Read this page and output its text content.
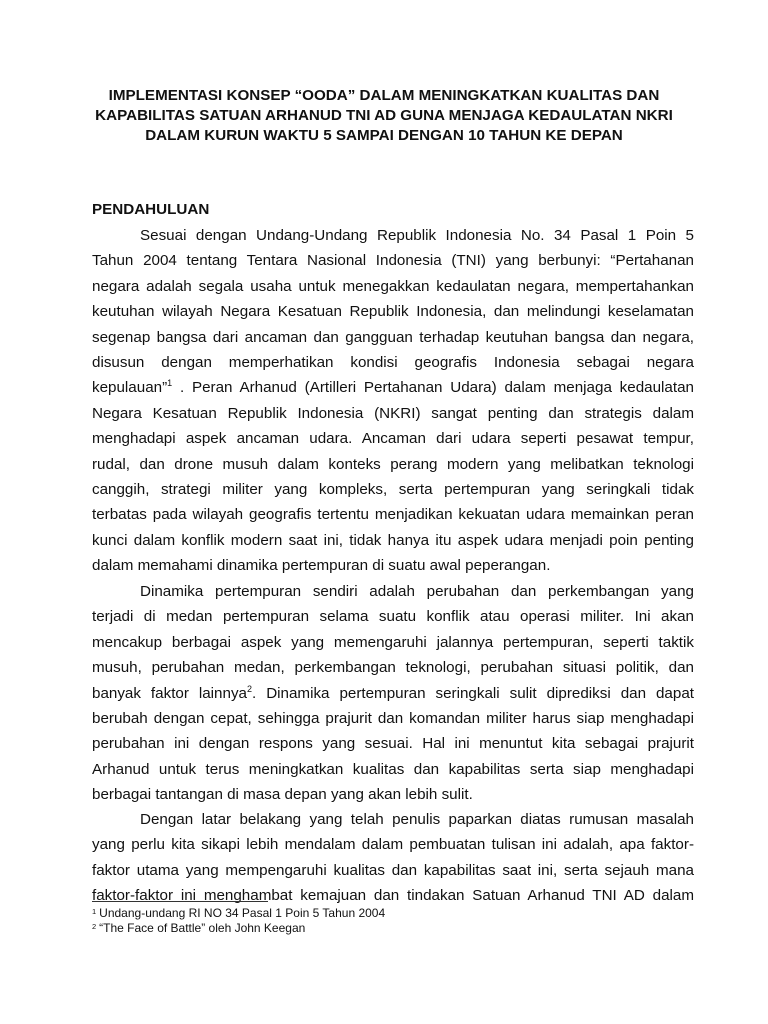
IMPLEMENTASI KONSEP “OODA” DALAM MENINGKATKAN KUALITAS DAN
KAPABILITAS SATUAN ARHANUD TNI AD GUNA MENJAGA KEDAULATAN NKRI
DALAM KURUN WAKTU 5 SAMPAI DENGAN 10 TAHUN KE DEPAN
PENDAHULUAN
Sesuai dengan Undang-Undang Republik Indonesia No. 34 Pasal 1 Poin 5
Tahun 2004 tentang Tentara Nasional Indonesia (TNI) yang berbunyi: “Pertahanan
negara adalah segala usaha untuk menegakkan kedaulatan negara, mempertahankan
keutuhan wilayah Negara Kesatuan Republik Indonesia, dan melindungi keselamatan
segenap bangsa dari ancaman dan gangguan terhadap keutuhan bangsa dan negara,
disusun dengan memperhatikan kondisi geografis Indonesia sebagai negara
kepulauan”$^1$ . Peran Arhanud (Artilleri Pertahanan Udara) dalam menjaga kedaulatan
Negara Kesatuan Republik Indonesia (NKRI) sangat penting dan strategis dalam
menghadapi aspek ancaman udara. Ancaman dari udara seperti pesawat tempur,
rudal, dan drone musuh dalam konteks perang modern yang melibatkan teknologi
canggih, strategi militer yang kompleks, serta pertempuran yang seringkali tidak
terbatas pada wilayah geografis tertentu menjadikan kekuatan udara memainkan peran
kunci dalam konflik modern saat ini, tidak hanya itu aspek udara menjadi poin penting
dalam memahami dinamika pertempuran di suatu awal peperangan.
Dinamika pertempuran sendiri adalah perubahan dan perkembangan yang
terjadi di medan pertempuran selama suatu konflik atau operasi militer. Ini akan
mencakup berbagai aspek yang memengaruhi jalannya pertempuran, seperti taktik
musuh, perubahan medan, perkembangan teknologi, perubahan situasi politik, dan
banyak faktor lainnya$^2$. Dinamika pertempuran seringkali sulit diprediksi dan dapat
berubah dengan cepat, sehingga prajurit dan komandan militer harus siap menghadapi
perubahan ini dengan respons yang sesuai. Hal ini menuntut kita sebagai prajurit
Arhanud untuk terus meningkatkan kualitas dan kapabilitas serta siap menghadapi
berbagai tantangan di masa depan yang akan lebih sulit.
Dengan latar belakang yang telah penulis paparkan diatas rumusan masalah
yang perlu kita sikapi lebih mendalam dalam pembuatan tulisan ini adalah, apa faktor-
faktor utama yang mempengaruhi kualitas dan kapabilitas saat ini, serta sejauh mana
faktor-faktor ini menghambat kemajuan dan tindakan Satuan Arhanud TNI AD dalam
$^1$ Undang-undang RI NO 34 Pasal 1 Poin 5 Tahun 2004
$^2$ “The Face of Battle” oleh John Keegan
